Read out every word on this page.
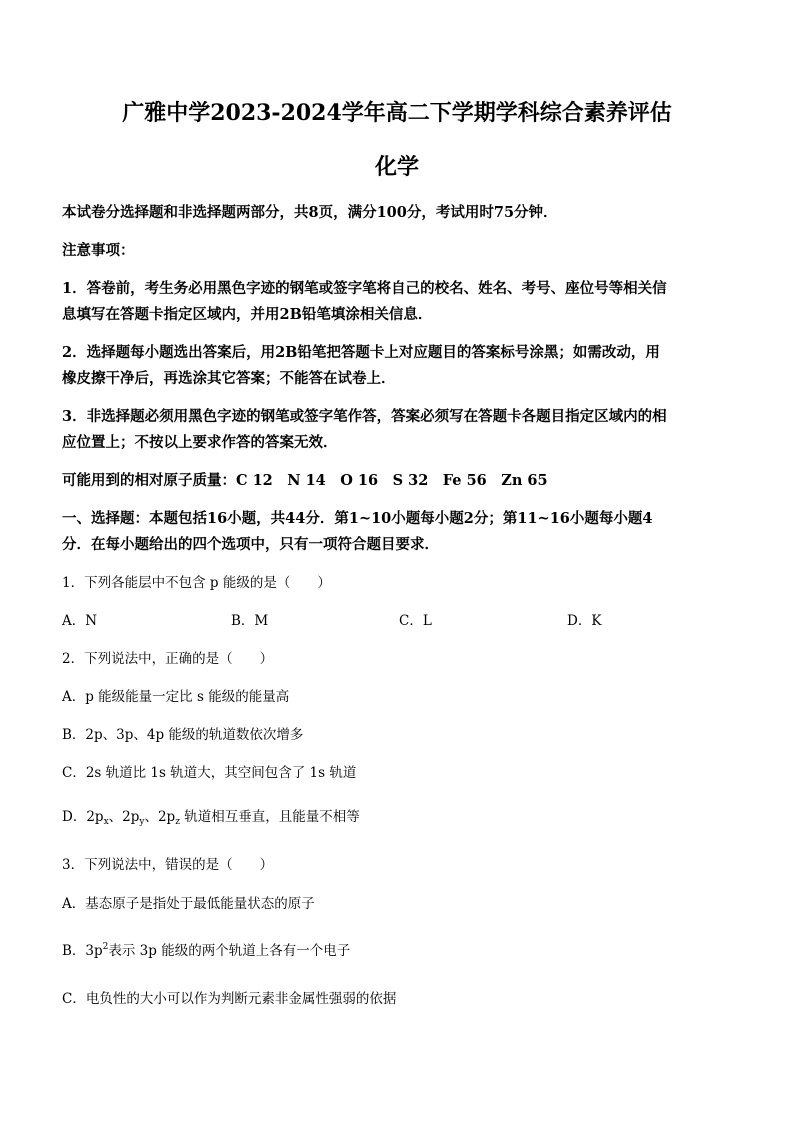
广雅中学2023-2024学年高二下学期学科综合素养评估
化学
本试卷分选择题和非选择题两部分，共8页，满分100分，考试用时75分钟．
注意事项：
1．答卷前，考生务必用黑色字迹的钢笔或签字笔将自己的校名、姓名、考号、座位号等相关信
息填写在答题卡指定区域内，并用2B铅笔填涂相关信息．
2．选择题每小题选出答案后，用2B铅笔把答题卡上对应题目的答案标号涂黑；如需改动，用
橡皮擦干净后，再选涂其它答案；不能答在试卷上．
3．非选择题必须用黑色字迹的钢笔或签字笔作答，答案必须写在答题卡各题目指定区域内的相
应位置上；不按以上要求作答的答案无效．
可能用到的相对原子质量：C 12　N 14　O 16　S 32　Fe 56　Zn 65
一、选择题：本题包括16小题，共44分．第1~10小题每小题2分；第11~16小题每小题4
分．在每小题给出的四个选项中，只有一项符合题目要求．
1．下列各能层中不包含 p 能级的是（　　）
A．N	B．M	C．L	D．K
2．下列说法中，正确的是（　　）
A．p 能级能量一定比 s 能级的能量高
B．2p、3p、4p 能级的轨道数依次增多
C．2s 轨道比 1s 轨道大，其空间包含了 1s 轨道
D．$2p_x$、$2p_y$、$2p_z$ 轨道相互垂直，且能量不相等
3．下列说法中，错误的是（　　）
A．基态原子是指处于最低能量状态的原子
B．$3p^2$表示 3p 能级的两个轨道上各有一个电子
C．电负性的大小可以作为判断元素非金属性强弱的依据
